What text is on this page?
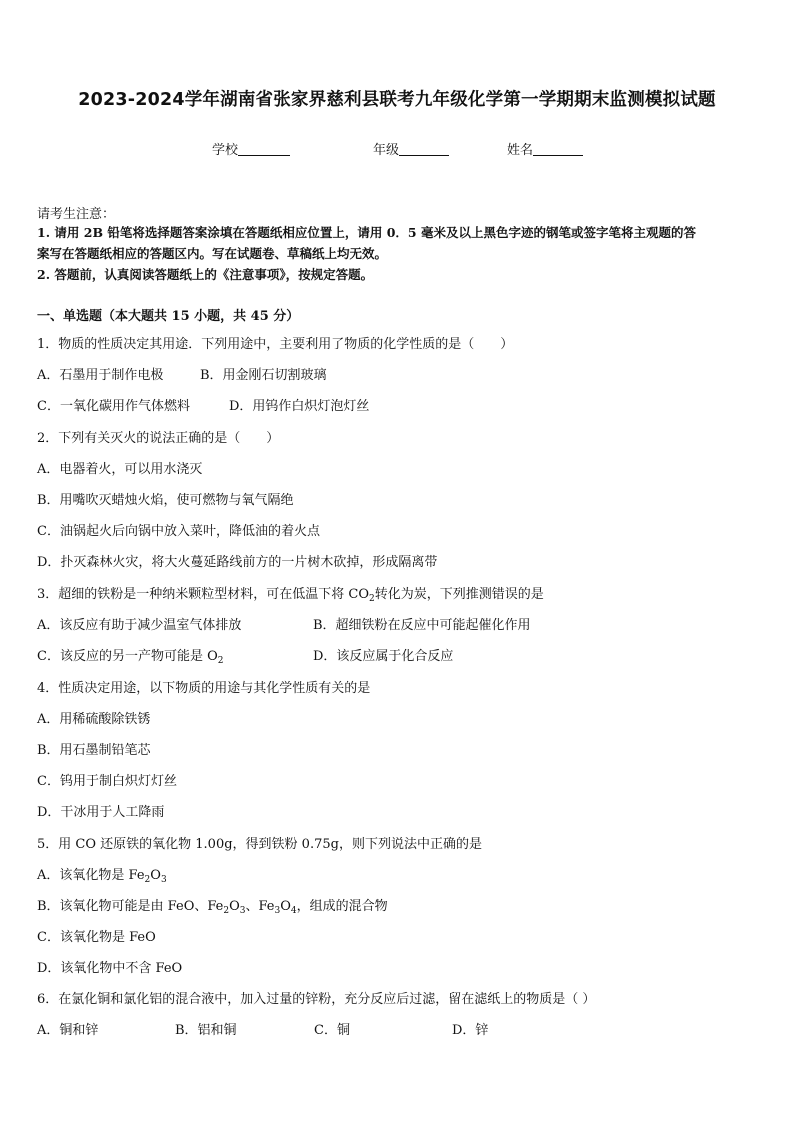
2023-2024学年湖南省张家界慈利县联考九年级化学第一学期期末监测模拟试题
学校	年级	姓名
请考生注意：
1. 请用 2B 铅笔将选择题答案涂填在答题纸相应位置上，请用 0．5 毫米及以上黑色字迹的钢笔或签字笔将主观题的答
案写在答题纸相应的答题区内。写在试题卷、草稿纸上均无效。
2. 答题前，认真阅读答题纸上的《注意事项》，按规定答题。
一、单选题（本大题共 15 小题，共 45 分）
1．物质的性质决定其用途．下列用途中，主要利用了物质的化学性质的是（　　）
A．石墨用于制作电极	B．用金刚石切割玻璃
C．一氧化碳用作气体燃料	D．用钨作白炽灯泡灯丝
2．下列有关灭火的说法正确的是（　　）
A．电器着火，可以用水浇灭
B．用嘴吹灭蜡烛火焰，使可燃物与氧气隔绝
C．油锅起火后向锅中放入菜叶，降低油的着火点
D．扑灭森林火灾，将大火蔓延路线前方的一片树木砍掉，形成隔离带
3．超细的铁粉是一种纳米颗粒型材料，可在低温下将 $CO_2$转化为炭，下列推测错误的是
A．该反应有助于减少温室气体排放	B．超细铁粉在反应中可能起催化作用
C．该反应的另一产物可能是 $O_2$	D．该反应属于化合反应
4．性质决定用途，以下物质的用途与其化学性质有关的是
A．用稀硫酸除铁锈
B．用石墨制铅笔芯
C．钨用于制白炽灯灯丝
D．干冰用于人工降雨
5．用 CO 还原铁的氧化物 1.00g，得到铁粉 0.75g，则下列说法中正确的是
A．该氧化物是 $Fe_2O_3$
B．该氧化物可能是由 FeO、$Fe_2O_3$、$Fe_3O_4$，组成的混合物
C．该氧化物是 FeO
D．该氧化物中不含 FeO
6．在氯化铜和氯化铝的混合液中，加入过量的锌粉，充分反应后过滤，留在滤纸上的物质是（ ）
A．铜和锌	B．铝和铜	C．铜	D．锌
